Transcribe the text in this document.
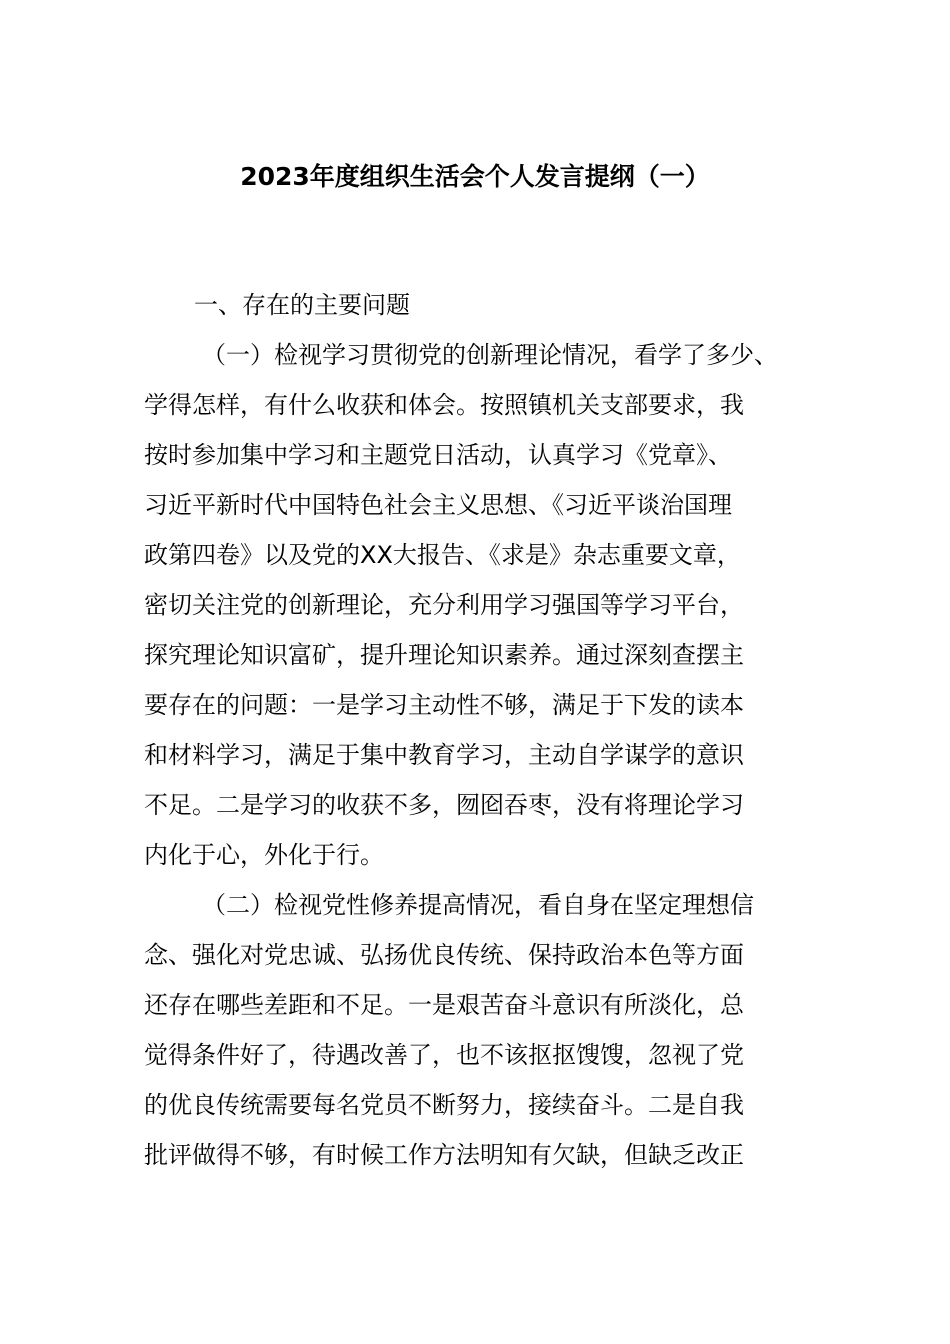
2023年度组织生活会个人发言提纲（一）

一、存在的主要问题

（一）检视学习贯彻党的创新理论情况，看学了多少、
学得怎样，有什么收获和体会。按照镇机关支部要求，我
按时参加集中学习和主题党日活动，认真学习《党章》、
习近平新时代中国特色社会主义思想、《习近平谈治国理
政第四卷》以及党的XX大报告、《求是》杂志重要文章，
密切关注党的创新理论，充分利用学习强国等学习平台，
探究理论知识富矿，提升理论知识素养。通过深刻查摆主
要存在的问题：一是学习主动性不够，满足于下发的读本
和材料学习，满足于集中教育学习，主动自学谋学的意识
不足。二是学习的收获不多，囫囵吞枣，没有将理论学习
内化于心，外化于行。

（二）检视党性修养提高情况，看自身在坚定理想信
念、强化对党忠诚、弘扬优良传统、保持政治本色等方面
还存在哪些差距和不足。一是艰苦奋斗意识有所淡化，总
觉得条件好了，待遇改善了，也不该抠抠馊馊，忽视了党
的优良传统需要每名党员不断努力，接续奋斗。二是自我
批评做得不够，有时候工作方法明知有欠缺，但缺乏改正
